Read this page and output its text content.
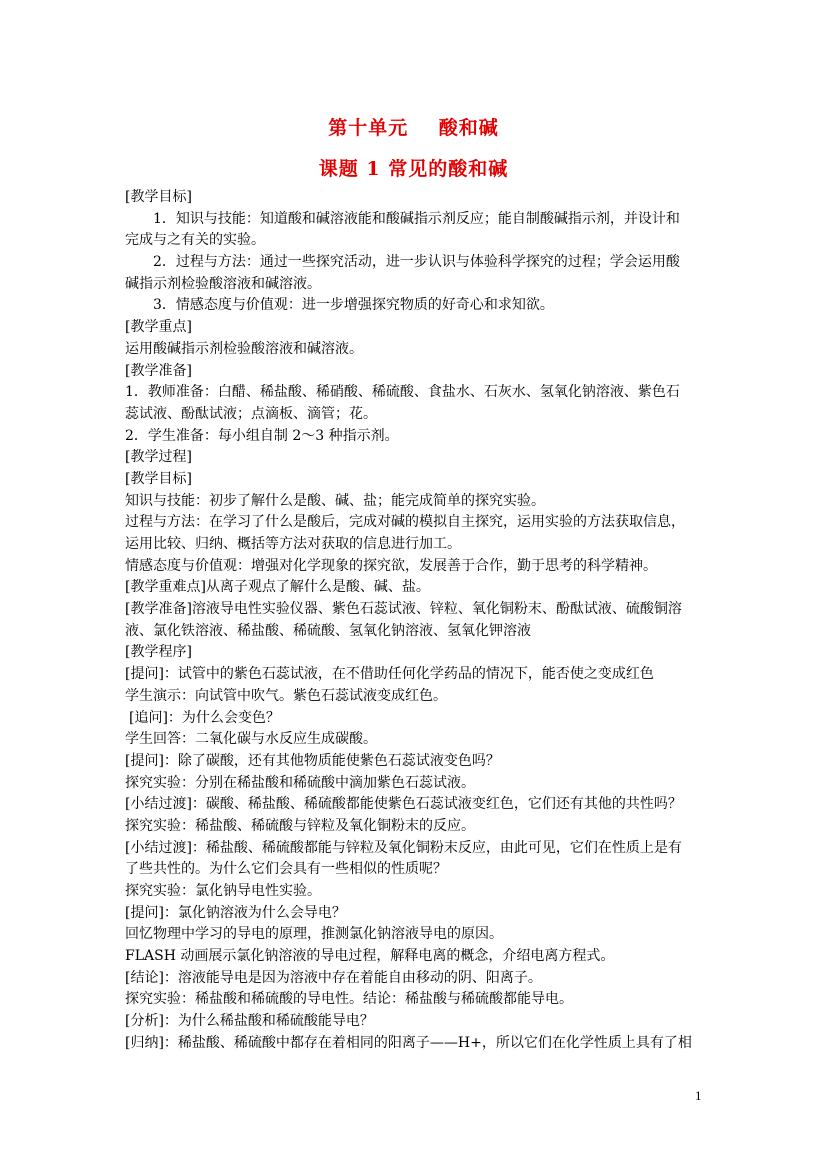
第十单元    酸和碱
课题 1 常见的酸和碱
[教学目标]
1．知识与技能：知道酸和碱溶液能和酸碱指示剂反应；能自制酸碱指示剂，并设计和
完成与之有关的实验。
2．过程与方法：通过一些探究活动，进一步认识与体验科学探究的过程；学会运用酸
碱指示剂检验酸溶液和碱溶液。
3．情感态度与价值观：进一步增强探究物质的好奇心和求知欲。
[教学重点]
运用酸碱指示剂检验酸溶液和碱溶液。
[教学准备]
1．教师准备：白醋、稀盐酸、稀硝酸、稀硫酸、食盐水、石灰水、氢氧化钠溶液、紫色石
蕊试液、酚酞试液；点滴板、滴管；花。
2．学生准备：每小组自制 2～3 种指示剂。
[教学过程]
[教学目标]
知识与技能：初步了解什么是酸、碱、盐；能完成简单的探究实验。
过程与方法：在学习了什么是酸后，完成对碱的模拟自主探究，运用实验的方法获取信息，
运用比较、归纳、概括等方法对获取的信息进行加工。
情感态度与价值观：增强对化学现象的探究欲，发展善于合作，勤于思考的科学精神。
[教学重难点]从离子观点了解什么是酸、碱、盐。
[教学准备]溶液导电性实验仪器、紫色石蕊试液、锌粒、氧化铜粉末、酚酞试液、硫酸铜溶
液、氯化铁溶液、稀盐酸、稀硫酸、氢氧化钠溶液、氢氧化钾溶液
[教学程序]
[提问]：试管中的紫色石蕊试液，在不借助任何化学药品的情况下，能否使之变成红色
学生演示：向试管中吹气。紫色石蕊试液变成红色。
[追问]：为什么会变色？
学生回答：二氧化碳与水反应生成碳酸。
[提问]：除了碳酸，还有其他物质能使紫色石蕊试液变色吗？
探究实验：分别在稀盐酸和稀硫酸中滴加紫色石蕊试液。
[小结过渡]：碳酸、稀盐酸、稀硫酸都能使紫色石蕊试液变红色，它们还有其他的共性吗？
探究实验：稀盐酸、稀硫酸与锌粒及氧化铜粉末的反应。
[小结过渡]：稀盐酸、稀硫酸都能与锌粒及氧化铜粉末反应，由此可见，它们在性质上是有
了些共性的。为什么它们会具有一些相似的性质呢？
探究实验：氯化钠导电性实验。
[提问]：氯化钠溶液为什么会导电？
回忆物理中学习的导电的原理，推测氯化钠溶液导电的原因。
FLASH 动画展示氯化钠溶液的导电过程，解释电离的概念，介绍电离方程式。
[结论]：溶液能导电是因为溶液中存在着能自由移动的阴、阳离子。
探究实验：稀盐酸和稀硫酸的导电性。结论：稀盐酸与稀硫酸都能导电。
[分析]：为什么稀盐酸和稀硫酸能导电？
[归纳]：稀盐酸、稀硫酸中都存在着相同的阳离子——H+，所以它们在化学性质上具有了相
1
